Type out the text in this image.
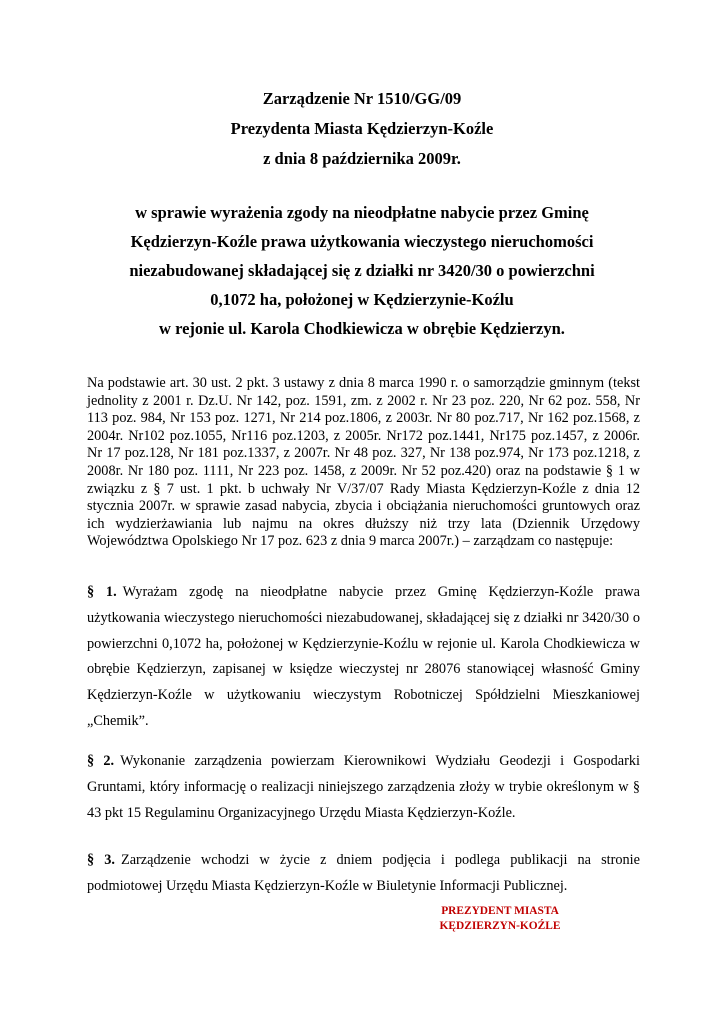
Zarządzenie Nr 1510/GG/09
Prezydenta Miasta Kędzierzyn-Koźle
z dnia 8 października 2009r.
w sprawie wyrażenia zgody na nieodpłatne nabycie przez Gminę
Kędzierzyn-Koźle prawa użytkowania wieczystego nieruchomości
niezabudowanej składającej się z działki nr 3420/30 o powierzchni
0,1072 ha, położonej w Kędzierzynie-Koźlu
w rejonie ul. Karola Chodkiewicza w obrębie Kędzierzyn.
Na podstawie art. 30 ust. 2 pkt. 3 ustawy z dnia 8 marca 1990 r. o samorządzie gminnym (tekst jednolity z 2001 r. Dz.U. Nr 142, poz. 1591, zm. z 2002 r. Nr 23 poz. 220, Nr 62 poz. 558, Nr 113 poz. 984, Nr 153 poz. 1271, Nr 214 poz.1806, z 2003r. Nr 80 poz.717, Nr 162 poz.1568, z 2004r. Nr102 poz.1055, Nr116 poz.1203, z 2005r. Nr172 poz.1441, Nr175 poz.1457, z 2006r. Nr 17 poz.128, Nr 181 poz.1337, z 2007r. Nr 48 poz. 327, Nr 138 poz.974, Nr 173 poz.1218, z 2008r. Nr 180 poz. 1111, Nr 223 poz. 1458, z 2009r. Nr 52 poz.420) oraz na podstawie § 1 w związku z § 7 ust. 1 pkt. b uchwały Nr V/37/07 Rady Miasta Kędzierzyn-Koźle z dnia 12 stycznia 2007r. w sprawie zasad nabycia, zbycia i obciążania nieruchomości gruntowych oraz ich wydzierżawiania lub najmu na okres dłuższy niż trzy lata (Dziennik Urzędowy Województwa Opolskiego Nr 17 poz. 623 z dnia 9 marca 2007r.) – zarządzam co następuje:
§ 1. Wyrażam zgodę na nieodpłatne nabycie przez Gminę Kędzierzyn-Koźle prawa użytkowania wieczystego nieruchomości niezabudowanej, składającej się z działki nr 3420/30 o powierzchni 0,1072 ha, położonej w Kędzierzynie-Koźlu w rejonie ul. Karola Chodkiewicza w obrębie Kędzierzyn, zapisanej w księdze wieczystej nr 28076 stanowiącej własność Gminy Kędzierzyn-Koźle w użytkowaniu wieczystym Robotniczej Spółdzielni Mieszkaniowej „Chemik”.
§ 2. Wykonanie zarządzenia powierzam Kierownikowi Wydziału Geodezji i Gospodarki Gruntami, który informację o realizacji niniejszego zarządzenia złoży w trybie określonym w § 43 pkt 15 Regulaminu Organizacyjnego Urzędu Miasta Kędzierzyn-Koźle.
§ 3. Zarządzenie wchodzi w życie z dniem podjęcia i podlega publikacji na stronie podmiotowej Urzędu Miasta Kędzierzyn-Koźle w Biuletynie Informacji Publicznej.
PREZYDENT MIASTA
KĘDZIERZYN-KOŹLE
